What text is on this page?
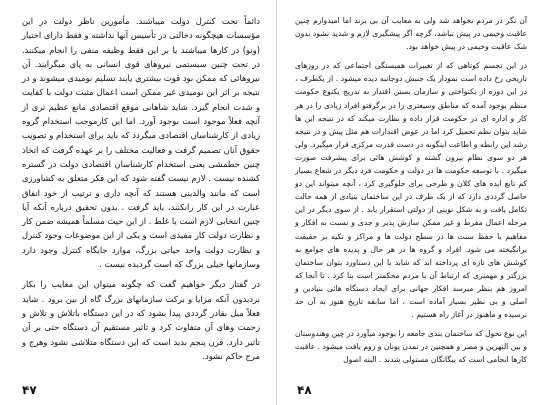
دائماً تحت کنترل دولت میباشند. مأمورین ناظر دولت در این مؤسسات هیچگونه دخالتی در تأسیس آنها نداشته و فقط دارای اختیار (وتو) در کارها میباشند یا بر این فقط وظیفه منفی را انجام میکنند. در تحت چنین سیستمی نیروهای قوی انسانی به پای میگرایند. آن نیروهائی که ممکن بود قوت بیشتری یابند تسلیم نومیدی میشوند و در نتیجه بر اثر این نومیدی غیر ممکن است اعمال مثبت دولت با کفایت و شدت انجام گیرد. شاید شاهانی موقع اقتصادی مانع عظیم تری از آنچه فعلاً موجود است بوجود آورد. اما این کارموجب استخدام گروه زیادی از کارشناسان اقتصادی میگردد که باید برای استخدام و تصویب حقوق آنان تصمیم گرفت و فعالیت مختلف را بر عهده گرفت که اتخاذ چنین خطمشی یعنی استخدام کارشناسان اقتصادی دولت در گستره کشنده نیست . لازم نیست گفته شود که این فکر متعلق به کشاورزی است که مانند والدینی هستند که آنچه داری و ترتیب از خود انفاق عبارت در این کار رانکنند، باید گرفت . بدون تحقیق درباره آنکه آیا چنین انتخابی لازم است یا غلط . از این حیث مسلماً همیشه ضمن کار و نظارت دولت کار مفیدی است و یکی از این موضوعات وجود کنترل و نظارت دولت واحد حیاتی بزرگ، موارد جایگاه کنترل وجود دارد وسازمانها خیلی بزرگ که است گردیده نیست .

در گفتار دیگر خواهیم گفت که چگونه میتوان این معایب را بکار بردبدون آنکه مزایا و برکت سازمانهای بزرگ گاه از بین برود . شاید فعلاً میل بقادر گرددی پیدا بشود که در این دستگاه باتلاش و تلاش و زحمت وهای آن متفاوت کرد و تاثیر مستقیم آن دستگاه حتی بر آن تاثیر دارد. قرن پنجم بدید است که این دستگاه متلاشی نشود وهرج و مرج حاکم نشود.

۴۷

آن نگر در مردم نخواهد شد ولی به معایب آن بی برند اما امیدوارم چنین عاقبت وخیمی در پیش نباشد، گرچه اگر پیشگیری لازم و شدید نشود بدون شک عاقبت وخیمی در پیش خواهد بود.

در این تجسم کوتاهی که از تغییرات همبستگی اجتماعی که در روزهای تاریخی رخ داده است نمودار یک جنبش دوجانبه دیده میشود . از یکطرف ، در این دوره از یکنواختی و سازمان بستن اقتدار به تدریج یکنوع حکومت منظم بوجود آمده که مناطق وسیعتری را در برگرفتو افراد زیادی را در هر کار و اداره ای در حکومت قرار داده و نظارت میکند که در نتیجه این ها شاید بتوان نظم تحمیل کرد اما در عوض اقتدارات هم مثل پیش و در نتیجه رشد این رابطه و اطاعت اینگونه در دست قدرت مرکزی قرار میگیرد. ولی هر دو سوی نظام بیرون گشته و کوشش هائی برای پیشرفت صورت میگیرد . با توسعه حکومت ها در دولت و حکومت فرد دیگر در شعاع بسیار کم تابع ایده های کلان و طرحی برای جلوگیری کرد ، آنچه میتواند این دو حاصل گرددی دارد که از یک طرف در این ساختمان بنیادی از همه حالت تکامل یافت و به شکل نوینی از دولتی استقرار یابد . از سوی دیگر در این مرحله اعمال مفرط و غیر ممکن سازش پذیر و جدی و نسبت به افکار و مفاهیم با حفظ سنت ها در سطح دولت ها و مراکز و تکیه بر حقیقت برانگیخته می شود. افراد و گروه ها در هر حال و پدیده های جوامع به کوشش های تازه ای پرداخته اند که شاید با این دستاورد بتوان ساختمان بزرگتر و مهمتری که ارتباط آن با مردم محکمتر است بنا کرد . تا آنجا که امروز هم بنظر میرسد افکار جهانی برای ایجاد دستگاه هائی بنیادین و اصلی و بی نظیر بسیار آماده است ، اما سابقه تاریخ هنوز به آن حد نرسیده و ماهنوز در آغاز راه هستیم .

این نوع تحول که ساختمان بندی جامعه را بوجود میآورد در چین وهندوستان و بین النهرین و مصر و همچنین در تمدن یونان و روم یافت میشود . عاقبت کارها انجامی است که بیگانگان مستولی شدند . البته اصول

۴۸
